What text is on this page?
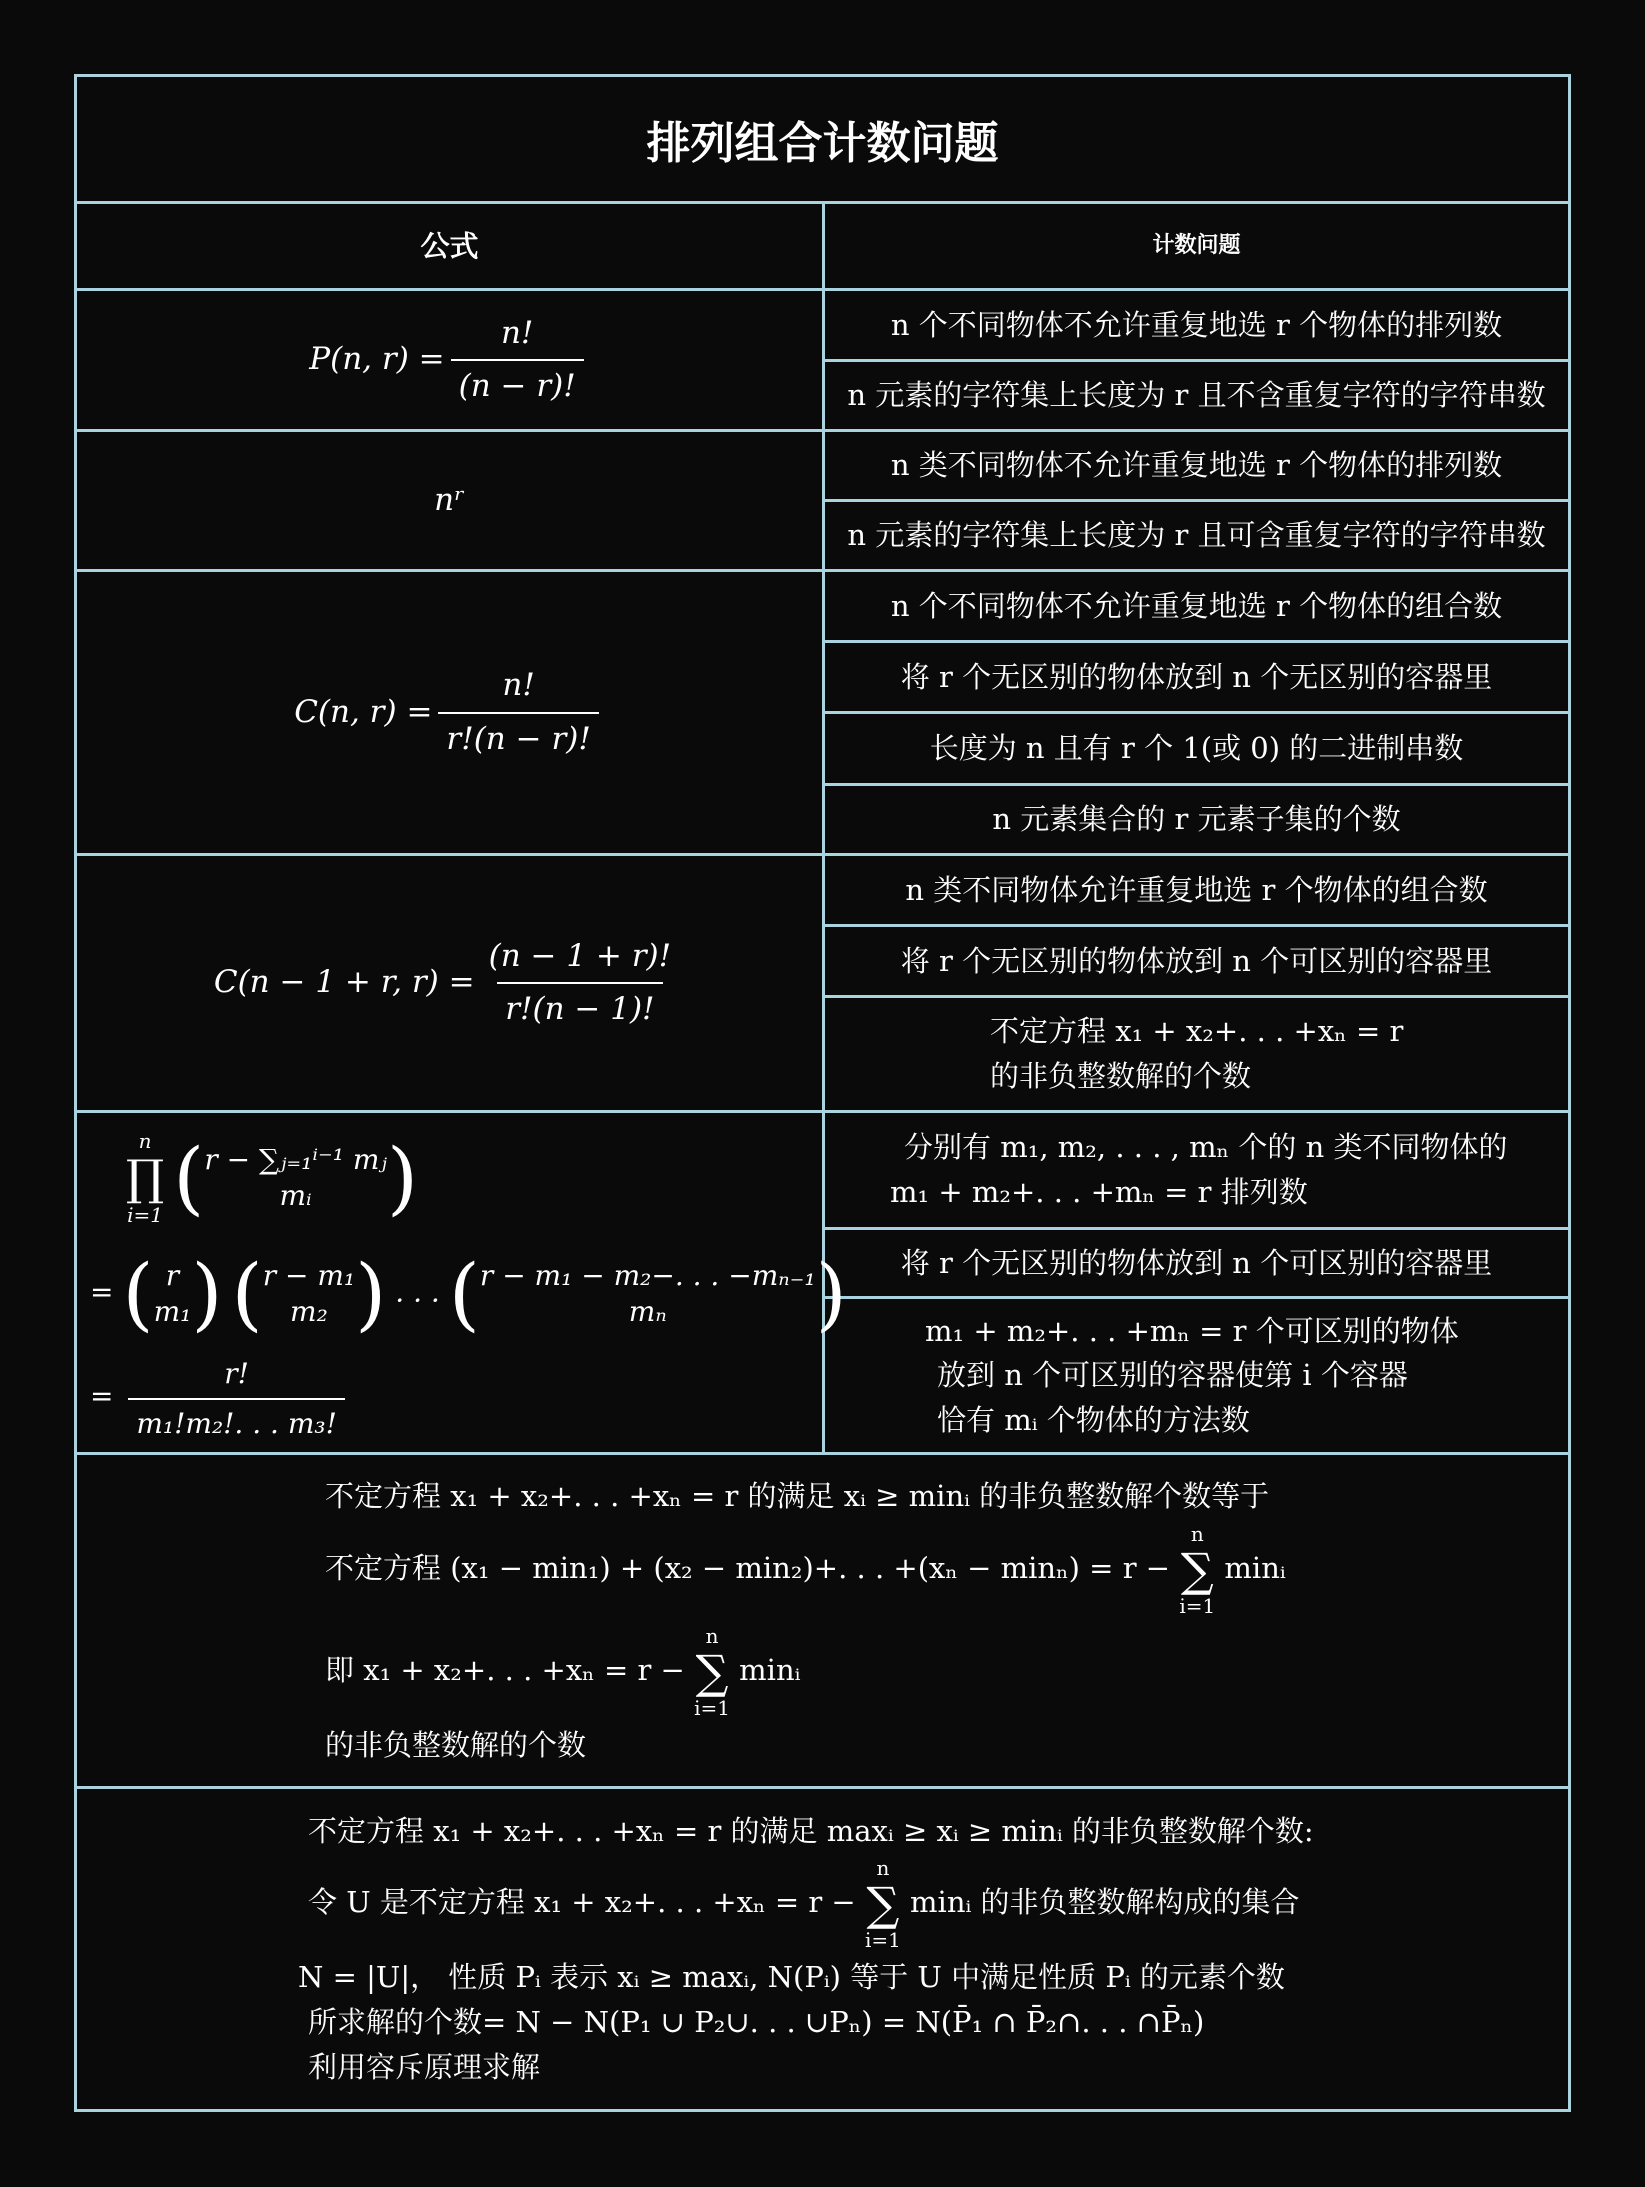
排列组合计数问题
公式	计数问题
P(n, $r) = \frac{n!}{(n - r)!}$	n 个不同物体不允许重复地选 r 个物体的排列数
n 元素的字符集上长度为 r 且不含重复字符的字符串数
nʳ
n 类不同物体不允许重复地选 r 个物体的排列数
n 元素的字符集上长度为 r 且可含重复字符的字符串数
C(n, $r) = \frac{n!}{r!(n - r)!}$
n 个不同物体不允许重复地选 r 个物体的组合数
将 r 个无区别的物体放到 n 个无区别的容器里
长度为 n 且有 r 个 1(或 0) 的二进制串数
n 元素集合的 r 元素子集的个数
C(n − 1 + r, $r) = \frac{(n - 1 + r)!}{r!(n - 1)!}$
n 类不同物体允许重复地选 r 个物体的组合数
将 r 个无区别的物体放到 n 个可区别的容器里
不定方程 x₁ + x₂+. . . +xₙ = r
的非负整数解的个数
n
∏
i=1 ( r − ∑ⱼ₌₁ⁱ⁻¹ mⱼ
mᵢ )
= ( r
m₁ ) ( r − m₁
m₂ ) . . . ( r − m₁ − m₂−. . . −mₙ₋₁
mₙ )
= $\frac{r!}{\text{m₁!m₂!. . . m₃!}}$
分别有 m₁, m₂, . . . , mₙ 个的 n 类不同物体的
m₁ + m₂+. . . +mₙ = r 排列数
将 r 个无区别的物体放到 n 个可区别的容器里
m₁ + m₂+. . . +mₙ = r 个可区别的物体
放到 n 个可区别的容器使第 i 个容器
恰有 mᵢ 个物体的方法数
不定方程 x₁ + x₂+. . . +xₙ = r 的满足 xᵢ ≥ minᵢ 的非负整数解个数等于
不定方程 (x₁ − min₁) + (x₂ − min₂)+. . . +(xₙ − minₙ) = r −
n
∑
i=1
minᵢ
即 x₁ + x₂+. . . +xₙ = r −
n
∑
i=1
minᵢ
的非负整数解的个数
不定方程 x₁ + x₂+. . . +xₙ = r 的满足 maxᵢ ≥ xᵢ ≥ minᵢ 的非负整数解个数:
令 U 是不定方程 x₁ + x₂+. . . +xₙ = r −
n
∑
i=1
minᵢ 的非负整数解构成的集合
N = |U|， 性质 Pᵢ 表示 xᵢ ≥ maxᵢ, N(Pᵢ) 等于 U 中满足性质 Pᵢ 的元素个数
所求解的个数= N − N(P₁ ∪ P₂∪. . . ∪Pₙ) = N(P̄₁ ∩ P̄₂∩. . . ∩P̄ₙ)
利用容斥原理求解
